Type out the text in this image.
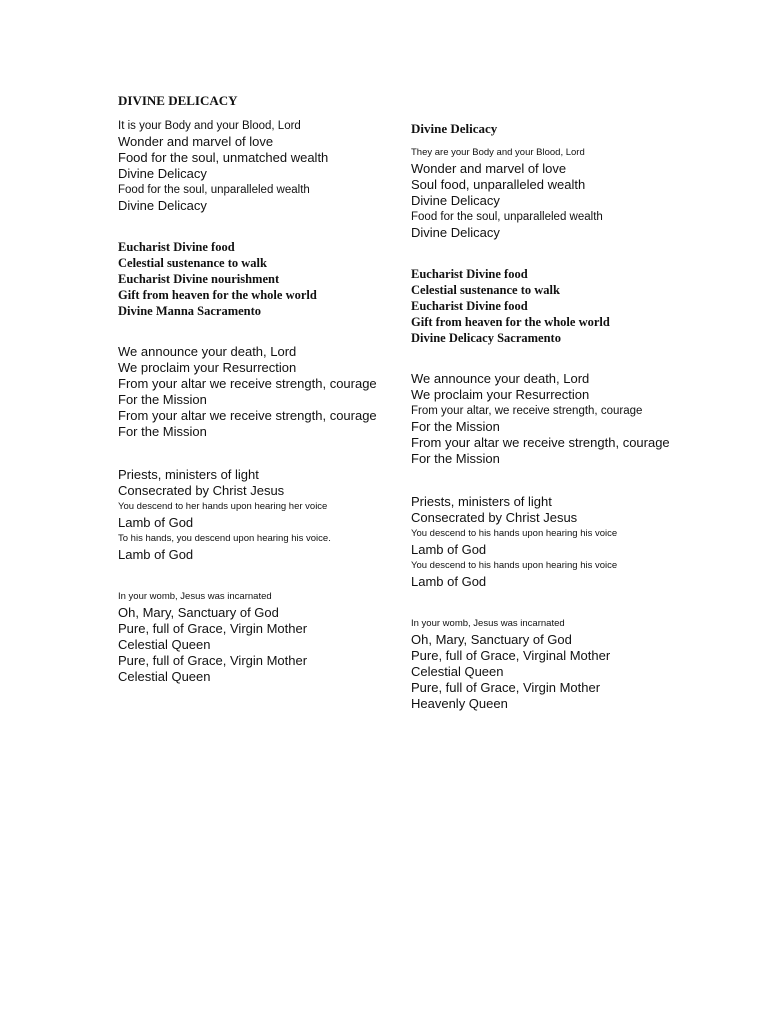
DIVINE DELICACY
It is your Body and your Blood, Lord
Wonder and marvel of love
Food for the soul, unmatched wealth
Divine Delicacy
Food for the soul, unparalleled wealth
Divine Delicacy
Eucharist Divine food
Celestial sustenance to walk
Eucharist Divine nourishment
Gift from heaven for the whole world
Divine Manna Sacramento
We announce your death, Lord
We proclaim your Resurrection
From your altar we receive strength, courage
For the Mission
From your altar we receive strength, courage
For the Mission
Priests, ministers of light
Consecrated by Christ Jesus
You descend to her hands upon hearing her voice
Lamb of God
To his hands, you descend upon hearing his voice.
Lamb of God
In your womb, Jesus was incarnated
Oh, Mary, Sanctuary of God
Pure, full of Grace, Virgin Mother
Celestial Queen
Pure, full of Grace, Virgin Mother
Celestial Queen
Divine Delicacy
They are your Body and your Blood, Lord
Wonder and marvel of love
Soul food, unparalleled wealth
Divine Delicacy
Food for the soul, unparalleled wealth
Divine Delicacy
Eucharist Divine food
Celestial sustenance to walk
Eucharist Divine food
Gift from heaven for the whole world
Divine Delicacy Sacramento
We announce your death, Lord
We proclaim your Resurrection
From your altar, we receive strength, courage
For the Mission
From your altar we receive strength, courage
For the Mission
Priests, ministers of light
Consecrated by Christ Jesus
You descend to his hands upon hearing his voice
Lamb of God
You descend to his hands upon hearing his voice
Lamb of God
In your womb, Jesus was incarnated
Oh, Mary, Sanctuary of God
Pure, full of Grace, Virginal Mother
Celestial Queen
Pure, full of Grace, Virgin Mother
Heavenly Queen
